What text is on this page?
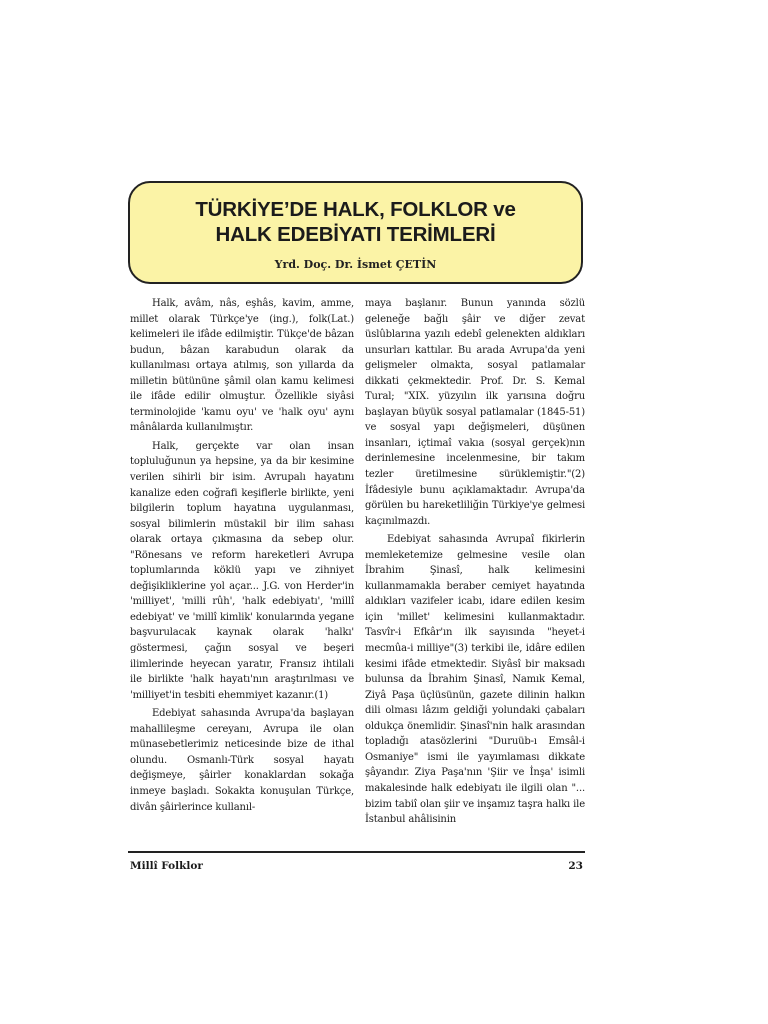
TÜRKİYE’DE HALK, FOLKLOR ve
HALK EDEBİYATI TERİMLERİ
Yrd. Doç. Dr. İsmet ÇETİN

Halk, avâm, nâs, eşhâs, kavim, amme, millet olarak Türkçe'ye (ing.), folk(Lat.) kelimeleri ile ifâde edilmiştir. Tükçe'de bâzan budun, bâzan karabudun olarak da kullanılması ortaya atılmış, son yıllarda da milletin bütününe şâmil olan kamu kelimesi ile ifâde edilir olmuştur. Özellikle siyâsi terminolojide 'kamu oyu' ve 'halk oyu' aynı mânâlarda kullanılmıştır.

Halk, gerçekte var olan insan topluluğunun ya hepsine, ya da bir kesimine verilen sihirli bir isim. Avrupalı hayatını kanalize eden coğrafi keşiflerle birlikte, yeni bilgilerin toplum hayatına uygulanması, sosyal bilimlerin müstakil bir ilim sahası olarak ortaya çıkmasına da sebep olur. "Rönesans ve reform hareketleri Avrupa toplumlarında köklü yapı ve zihniyet değişikliklerine yol açar... J.G. von Herder'in 'milliyet', 'milli rûh', 'halk edebiyatı', 'millî edebiyat' ve 'millî kimlik' konularında yegane başvurulacak kaynak olarak 'halkı' göstermesi, çağın sosyal ve beşeri ilimlerinde heyecan yaratır, Fransız ihtilali ile birlikte 'halk hayatı'nın araştırılması ve 'milliyet'in tesbiti ehemmiyet kazanır.(1)

Edebiyat sahasında Avrupa'da başlayan mahallileşme cereyanı, Avrupa ile olan münasebetlerimiz neticesinde bize de ithal olundu. Osmanlı-Türk sosyal hayatı değişmeye, şâirler konaklardan sokağa inmeye başladı. Sokakta konuşulan Türkçe, divân şâirlerince kullanıl-

maya başlanır. Bunun yanında sözlü geleneğe bağlı şâir ve diğer zevat üslûblarına yazılı edebî gelenekten aldıkları unsurları kattılar. Bu arada Avrupa'da yeni gelişmeler olmakta, sosyal patlamalar dikkati çekmektedir. Prof. Dr. S. Kemal Tural; "XIX. yüzyılın ilk yarısına doğru başlayan büyük sosyal patlamalar (1845-51) ve sosyal yapı değişmeleri, düşünen insanları, içtimaî vakıa (sosyal gerçek)nın derinlemesine incelenmesine, bir takım tezler üretilmesine sürüklemiştir."(2) İfâdesiyle bunu açıklamaktadır. Avrupa'da görülen bu hareketliliğin Türkiye'ye gelmesi kaçınılmazdı.

Edebiyat sahasında Avrupaî fikirlerin memleketemize gelmesine vesile olan İbrahim Şinasî, halk kelimesini kullanmamakla beraber cemiyet hayatında aldıkları vazifeler icabı, idare edilen kesim için 'millet' kelimesini kullanmaktadır. Tasvîr-i Efkâr'ın ilk sayısında "heyet-i mecmûa-i milliye"(3) terkibi ile, idâre edilen kesimi ifâde etmektedir. Siyâsî bir maksadı bulunsa da İbrahim Şinasî, Namık Kemal, Ziyâ Paşa üçlüsünün, gazete dilinin halkın dili olması lâzım geldiği yolundaki çabaları oldukça önemlidir. Şinasî'nin halk arasından topladığı atasözlerini "Duruüb-ı Emsâl-i Osmaniye" ismi ile yayımlaması dikkate şâyandır. Ziya Paşa'nın 'Şiir ve İnşa' isimli makalesinde halk edebiyatı ile ilgili olan "... bizim tabiî olan şiir ve inşamız taşra halkı ile İstanbul ahâlisinin

Millî Folklor	23
